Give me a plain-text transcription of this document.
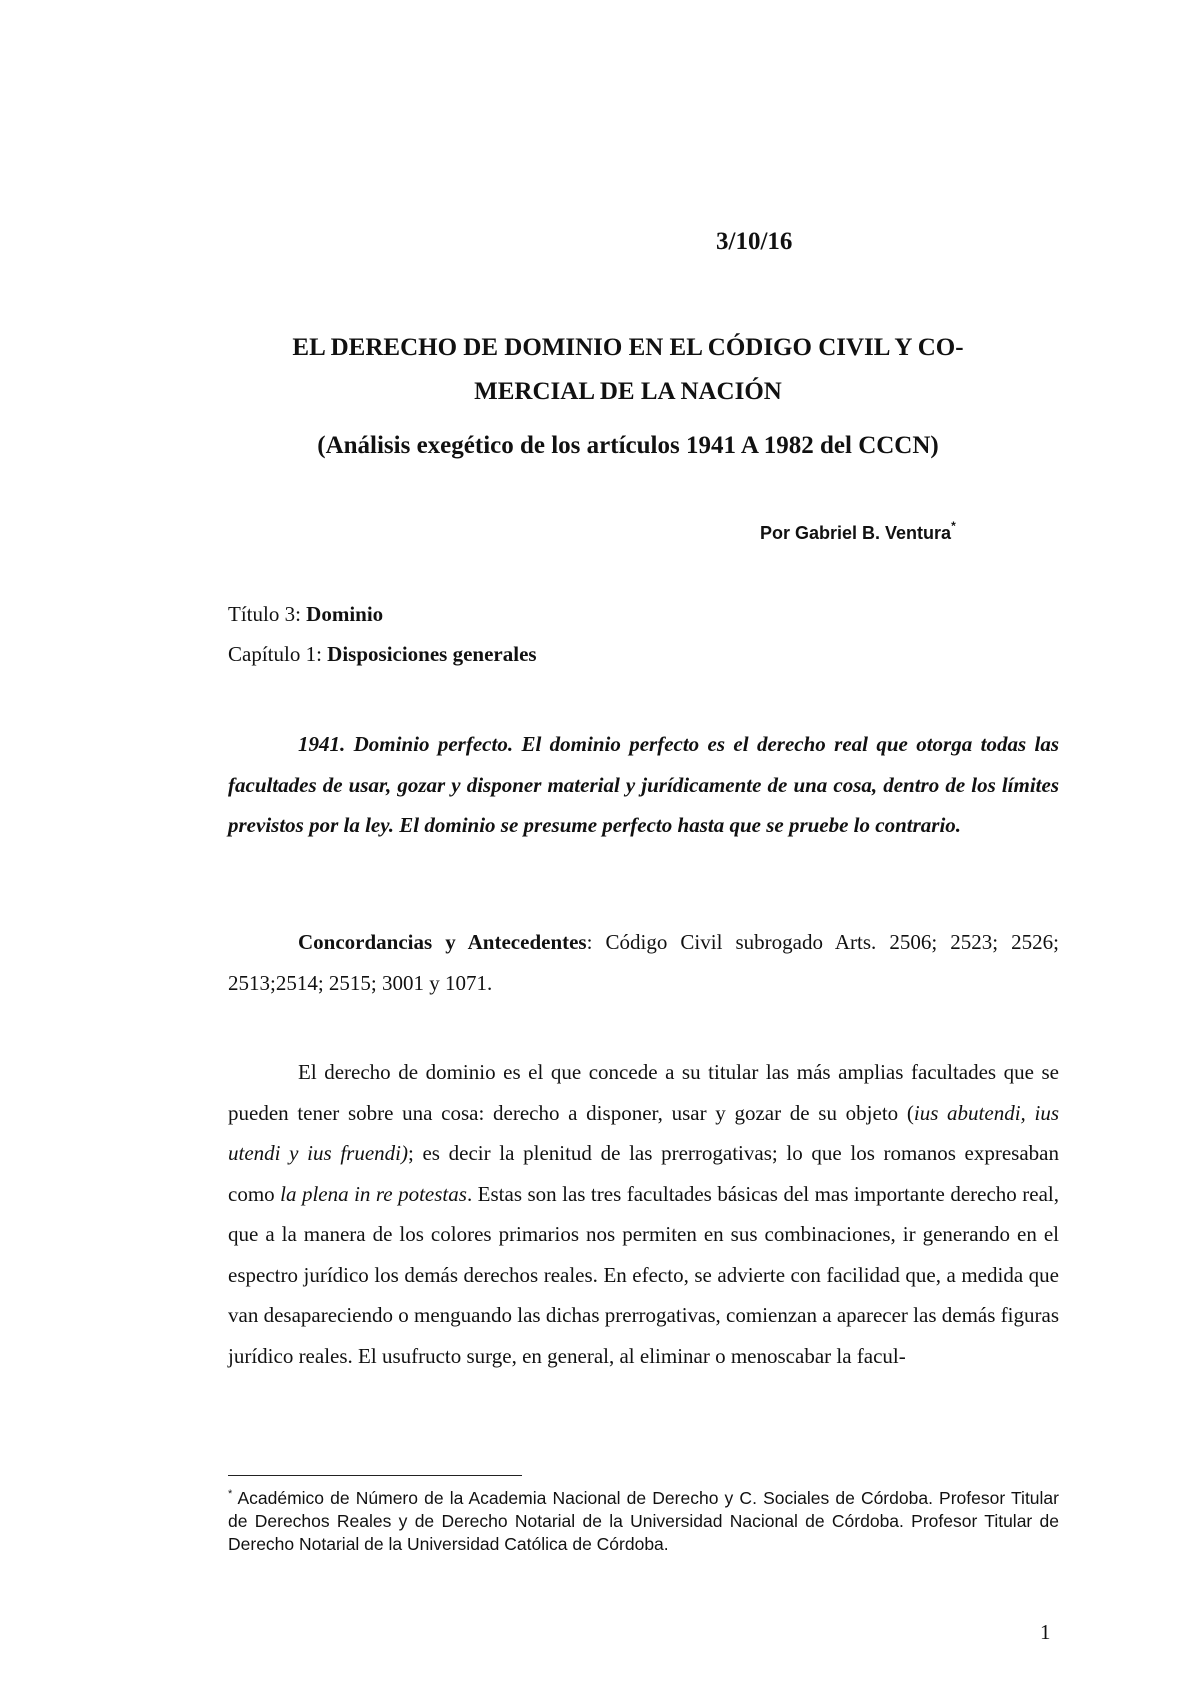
3/10/16
EL DERECHO DE DOMINIO EN EL CÓDIGO CIVIL Y CO-
MERCIAL DE LA NACIÓN
(Análisis exegético de los artículos 1941 A 1982 del CCCN)
Por Gabriel B. Ventura*
Título 3: Dominio
Capítulo 1: Disposiciones generales

1941. Dominio perfecto. El dominio perfecto es el derecho real que otorga todas las facultades de usar, gozar y disponer material y jurídicamente de una cosa, dentro de los límites previstos por la ley. El dominio se presume perfecto hasta que se pruebe lo contrario.

Concordancias y Antecedentes: Código Civil subrogado Arts. 2506; 2523; 2526; 2513;2514; 2515; 3001 y 1071.

El derecho de dominio es el que concede a su titular las más amplias facultades que se pueden tener sobre una cosa: derecho a disponer, usar y gozar de su objeto (ius abutendi, ius utendi y ius fruendi); es decir la plenitud de las prerrogativas; lo que los romanos expresaban como la plena in re potestas. Estas son las tres facultades básicas del mas importante derecho real, que a la manera de los colores primarios nos permiten en sus combinaciones, ir generando en el espectro jurídico los demás derechos reales. En efecto, se advierte con facilidad que, a medida que van desapareciendo o menguando las dichas prerrogativas, comienzan a aparecer las demás figuras jurídico reales. El usufructo surge, en general, al eliminar o menoscabar la facul-

* Académico de Número de la Academia Nacional de Derecho y C. Sociales de Córdoba. Profesor Titular de Derechos Reales y de Derecho Notarial de la Universidad Nacional de Córdoba. Profesor Titular de Derecho Notarial de la Universidad Católica de Córdoba.
1
